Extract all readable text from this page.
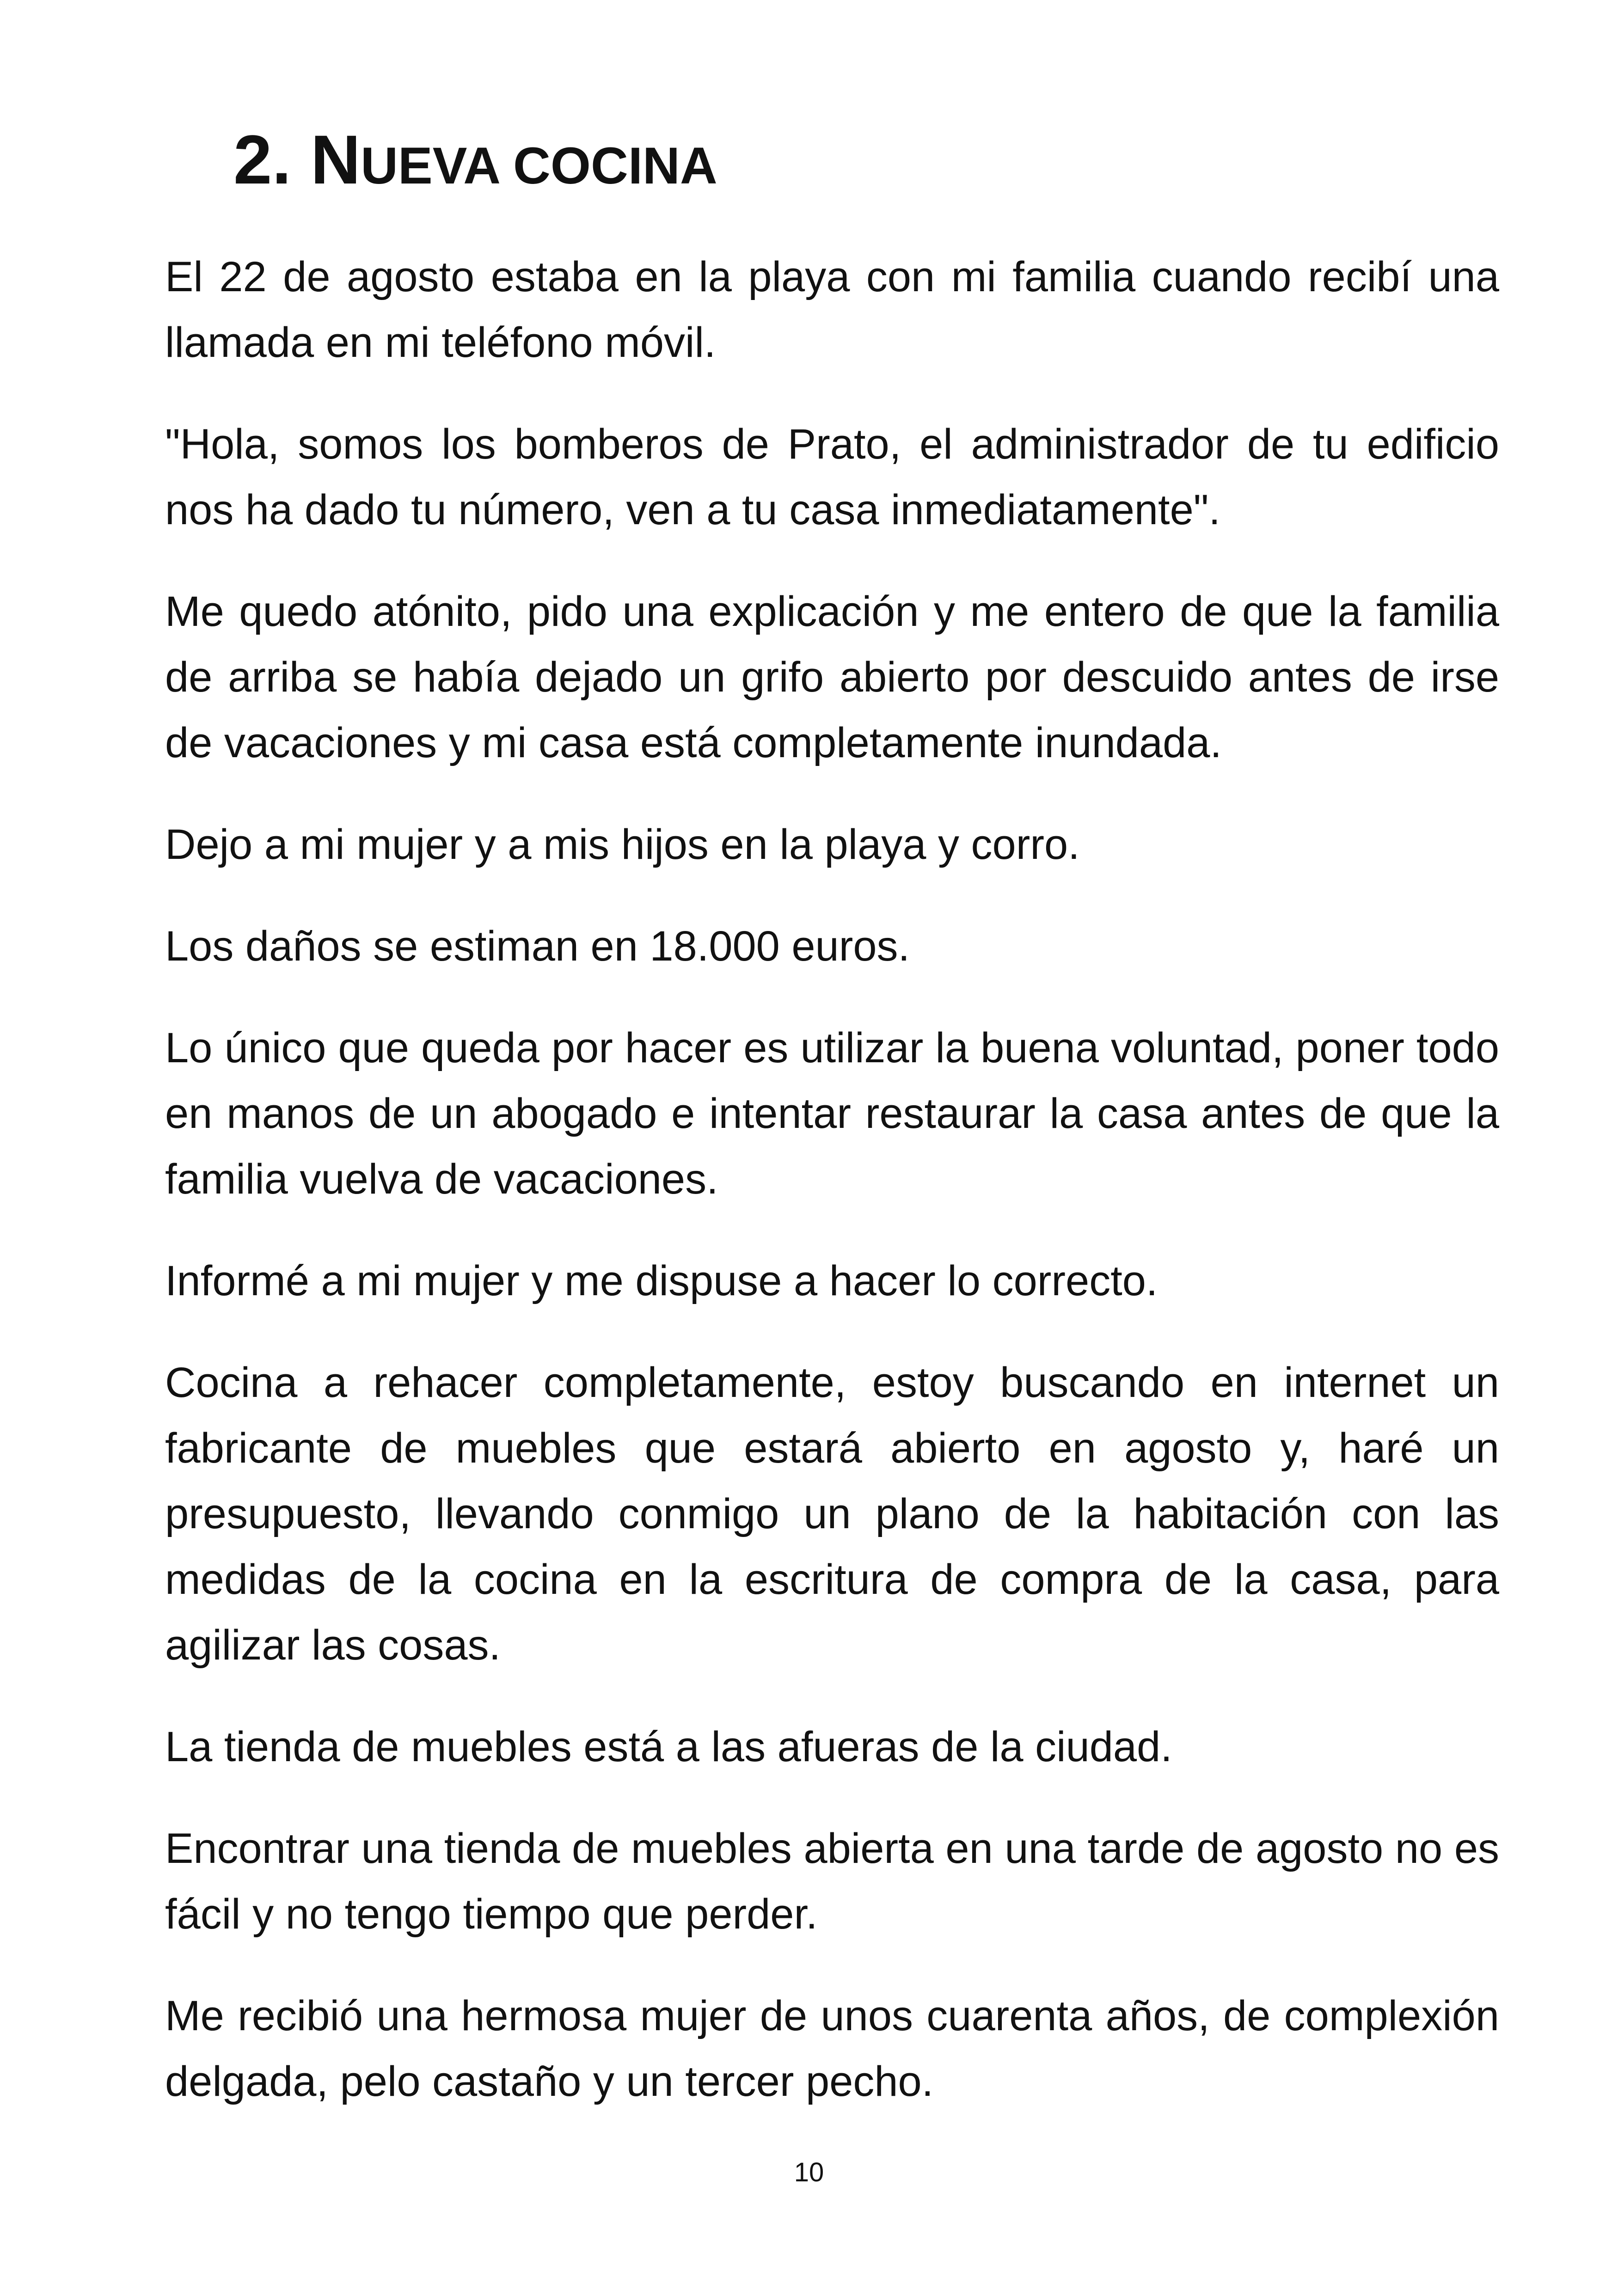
2. NUEVA COCINA

El 22 de agosto estaba en la playa con mi familia cuando recibí una llamada en mi teléfono móvil.

"Hola, somos los bomberos de Prato, el administrador de tu edificio nos ha dado tu número, ven a tu casa inmediatamente".

Me quedo atónito, pido una explicación y me entero de que la familia de arriba se había dejado un grifo abierto por descuido antes de irse de vacaciones y mi casa está completamente inundada.

Dejo a mi mujer y a mis hijos en la playa y corro.

Los daños se estiman en 18.000 euros.

Lo único que queda por hacer es utilizar la buena voluntad, poner todo en manos de un abogado e intentar restaurar la casa antes de que la familia vuelva de vacaciones.

Informé a mi mujer y me dispuse a hacer lo correcto.

Cocina a rehacer completamente, estoy buscando en internet un fabricante de muebles que estará abierto en agosto y, haré un presupuesto, llevando conmigo un plano de la habitación con las medidas de la cocina en la escritura de compra de la casa, para agilizar las cosas.

La tienda de muebles está a las afueras de la ciudad.

Encontrar una tienda de muebles abierta en una tarde de agosto no es fácil y no tengo tiempo que perder.

Me recibió una hermosa mujer de unos cuarenta años, de complexión delgada, pelo castaño y un tercer pecho.

10
